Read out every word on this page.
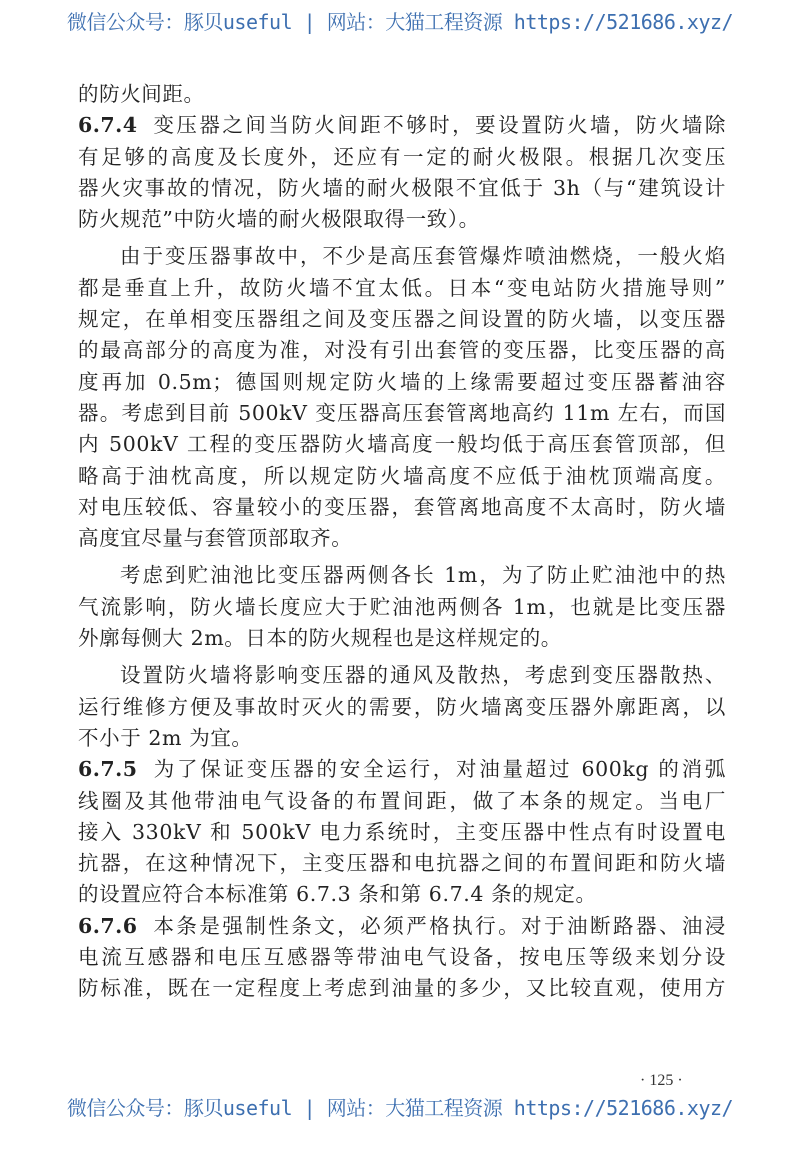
微信公众号：豚贝useful | 网站：大猫工程资源 https://521686.xyz/
的防火间距。
6.7.4 变压器之间当防火间距不够时，要设置防火墙，防火墙除
有足够的高度及长度外，还应有一定的耐火极限。根据几次变压
器火灾事故的情况，防火墙的耐火极限不宜低于 3h（与“建筑设计
防火规范”中防火墙的耐火极限取得一致）。
由于变压器事故中，不少是高压套管爆炸喷油燃烧，一般火焰
都是垂直上升，故防火墙不宜太低。日本“变电站防火措施导则”
规定，在单相变压器组之间及变压器之间设置的防火墙，以变压器
的最高部分的高度为准，对没有引出套管的变压器，比变压器的高
度再加 0.5m；德国则规定防火墙的上缘需要超过变压器蓄油容
器。考虑到目前 500kV 变压器高压套管离地高约 11m 左右，而国
内 500kV 工程的变压器防火墙高度一般均低于高压套管顶部，但
略高于油枕高度，所以规定防火墙高度不应低于油枕顶端高度。
对电压较低、容量较小的变压器，套管离地高度不太高时，防火墙
高度宜尽量与套管顶部取齐。
考虑到贮油池比变压器两侧各长 1m，为了防止贮油池中的热
气流影响，防火墙长度应大于贮油池两侧各 1m，也就是比变压器
外廓每侧大 2m。日本的防火规程也是这样规定的。
设置防火墙将影响变压器的通风及散热，考虑到变压器散热、
运行维修方便及事故时灭火的需要，防火墙离变压器外廓距离，以
不小于 2m 为宜。
6.7.5 为了保证变压器的安全运行，对油量超过 600kg 的消弧
线圈及其他带油电气设备的布置间距，做了本条的规定。当电厂
接入 330kV 和 500kV 电力系统时，主变压器中性点有时设置电
抗器，在这种情况下，主变压器和电抗器之间的布置间距和防火墙
的设置应符合本标准第 6.7.3 条和第 6.7.4 条的规定。
6.7.6 本条是强制性条文，必须严格执行。对于油断路器、油浸
电流互感器和电压互感器等带油电气设备，按电压等级来划分设
防标准，既在一定程度上考虑到油量的多少，又比较直观，使用方
· 125 ·
微信公众号：豚贝useful | 网站：大猫工程资源 https://521686.xyz/
